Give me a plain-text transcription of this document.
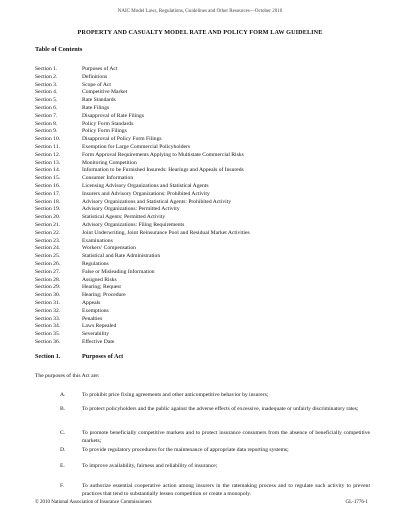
NAIC Model Laws, Regulations, Guidelines and Other Resources—October 2010
PROPERTY AND CASUALTY MODEL RATE AND POLICY FORM LAW GUIDELINE
Table of Contents
Section 1.	Purposes of Act
Section 2.	Definitions
Section 3.	Scope of Act
Section 4.	Competitive Market
Section 5.	Rate Standards
Section 6.	Rate Filings
Section 7.	Disapproval of Rate Filings
Section 8.	Policy Form Standards
Section 9.	Policy Form Filings
Section 10.	Disapproval of Policy Form Filings
Section 11.	Exemption for Large Commercial Policyholders
Section 12.	Form Approval Requirements Applying to Multistate Commercial Risks
Section 13.	Monitoring Competition
Section 14.	Information to be Furnished Insureds: Hearings and Appeals of Insureds
Section 15.	Consumer Information
Section 16.	Licensing Advisory Organizations and Statistical Agents
Section 17.	Insurers and Advisory Organizations: Prohibited Activity
Section 18.	Advisory Organizations and Statistical Agents: Prohibited Activity
Section 19.	Advisory Organizations: Permitted Activity
Section 20.	Statistical Agents: Permitted Activity
Section 21.	Advisory Organizations: Filing Requirements
Section 22.	Joint Underwriting, Joint Reinsurance Pool and Residual Market Activities
Section 23.	Examinations
Section 24.	Workers’ Compensation
Section 25.	Statistical and Rate Administration
Section 26.	Regulations
Section 27.	False or Misleading Information
Section 28.	Assigned Risks
Section 29.	Hearing; Request
Section 30.	Hearing; Procedure
Section 31.	Appeals
Section 32.	Exemptions
Section 33.	Penalties
Section 34.	Laws Repealed
Section 35.	Severability
Section 36.	Effective Date
Section 1.	Purposes of Act
The purposes of this Act are:
A.	To prohibit price fixing agreements and other anticompetitive behavior by insurers;
B.	To protect policyholders and the public against the adverse effects of excessive, inadequate or unfairly discriminatory rates;
C.	To promote beneficially competitive markets and to protect insurance consumers from the absence of beneficially competitive markets;
D.	To provide regulatory procedures for the maintenance of appropriate data reporting systems;
E.	To improve availability, fairness and reliability of insurance;
F.	To authorize essential cooperative action among insurers in the ratemaking process and to regulate such activity to prevent practices that tend to substantially lessen competition or create a monopoly.
© 2010 National Association of Insurance Commissioners	GL-1776-1
